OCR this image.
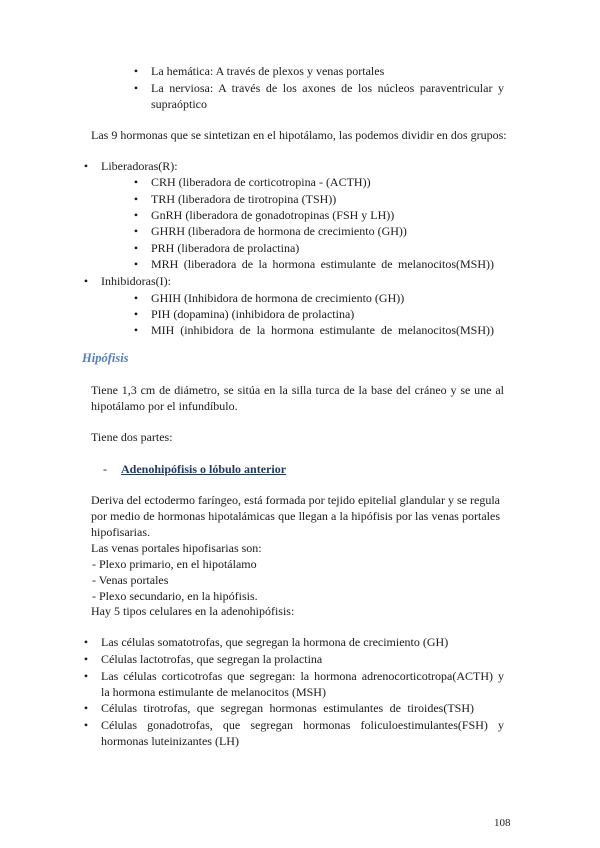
• La hemática: A través de plexos y venas portales
• La nerviosa: A través de los axones de los núcleos paraventricular y
supraóptico
Las 9 hormonas que se sintetizan en el hipotálamo, las podemos dividir en dos grupos:
• Liberadoras(R):
• CRH (liberadora de corticotropina - (ACTH))
• TRH (liberadora de tirotropina (TSH))
• GnRH (liberadora de gonadotropinas (FSH y LH))
• GHRH (liberadora de hormona de crecimiento (GH))
• PRH (liberadora de prolactina)
• MRH (liberadora de la hormona estimulante de melanocitos(MSH))
• Inhibidoras(I):
• GHIH (Inhibidora de hormona de crecimiento (GH))
• PIH (dopamina) (inhibidora de prolactina)
• MIH (inhibidora de la hormona estimulante de melanocitos(MSH))
Hipófisis
Tiene 1,3 cm de diámetro, se sitúa en la silla turca de la base del cráneo y se une al
hipotálamo por el infundíbulo.
Tiene dos partes:
- Adenohipófisis o lóbulo anterior
Deriva del ectodermo faríngeo, está formada por tejido epitelial glandular y se regula
por medio de hormonas hipotalámicas que llegan a la hipófisis por las venas portales
hipofisarias.
Las venas portales hipofisarias son:
- Plexo primario, en el hipotálamo
- Venas portales
- Plexo secundario, en la hipófisis.
Hay 5 tipos celulares en la adenohipófisis:
• Las células somatotrofas, que segregan la hormona de crecimiento (GH)
• Células lactotrofas, que segregan la prolactina
• Las células corticotrofas que segregan: la hormona adrenocorticotropa(ACTH) y
la hormona estimulante de melanocitos (MSH)
• Células tirotrofas, que segregan hormonas estimulantes de tiroides(TSH)
• Células gonadotrofas, que segregan hormonas foliculoestimulantes(FSH) y
hormonas luteinizantes (LH)
108
